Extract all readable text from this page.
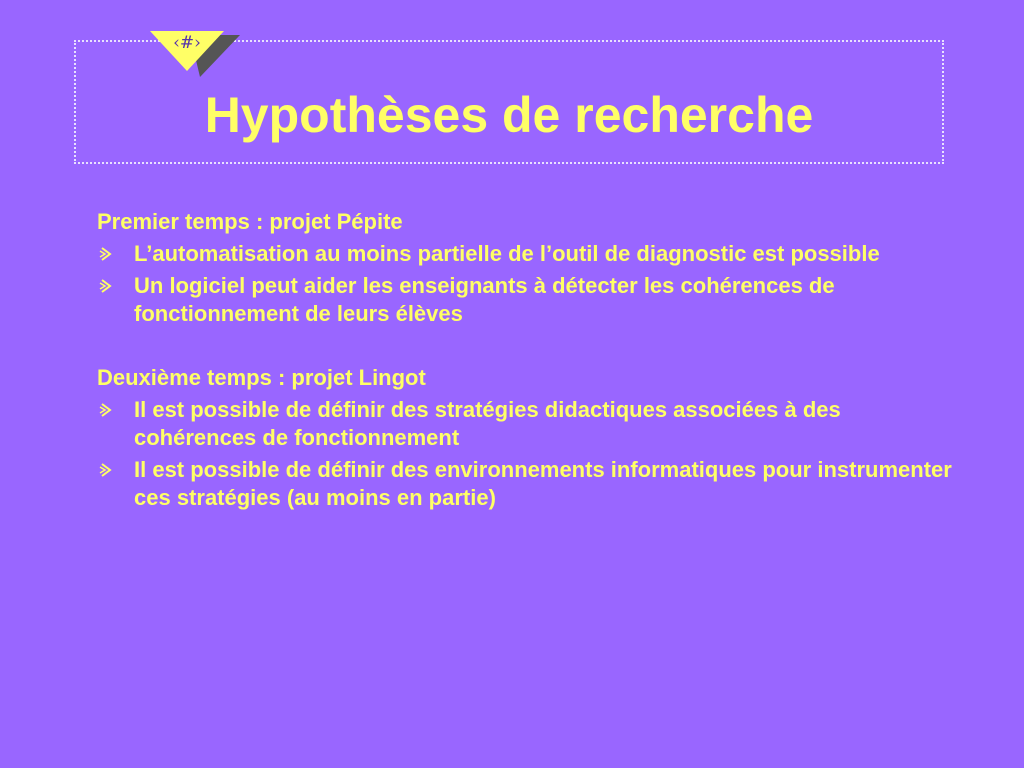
‹#›
Hypothèses de recherche

Premier temps : projet Pépite

L’automatisation au moins partielle de l’outil de diagnostic est possible
Un logiciel peut aider les enseignants à détecter les cohérences de fonctionnement de leurs élèves

Deuxième temps : projet Lingot

Il est possible de définir des stratégies didactiques associées à des cohérences de fonctionnement
Il est possible de définir des environnements informatiques pour instrumenter ces stratégies (au moins en partie)
